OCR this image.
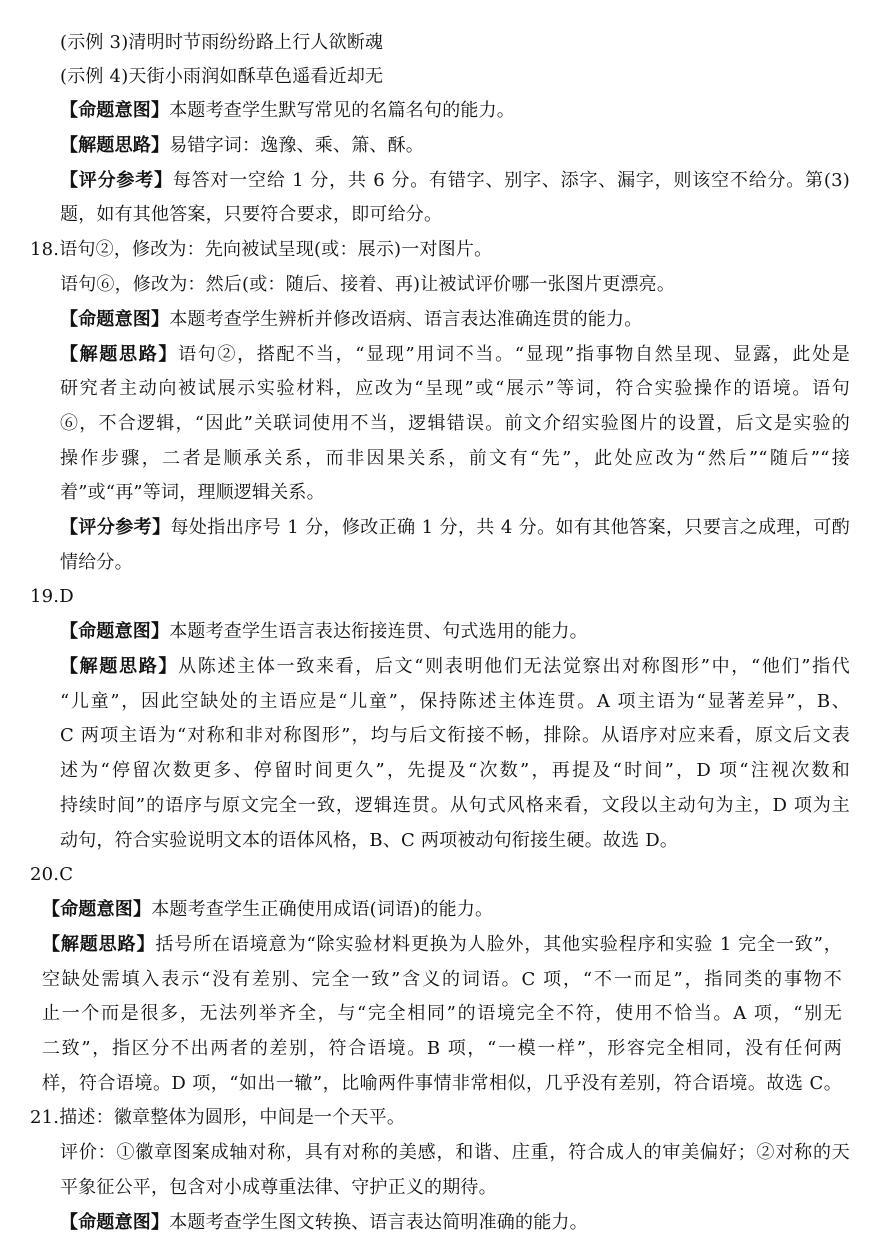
(示例 3)清明时节雨纷纷路上行人欲断魂
(示例 4)天街小雨润如酥草色遥看近却无
【命题意图】本题考查学生默写常见的名篇名句的能力。
【解题思路】易错字词：逸豫、乘、箫、酥。
【评分参考】每答对一空给 1 分，共 6 分。有错字、别字、添字、漏字，则该空不给分。第(3)
题，如有其他答案，只要符合要求，即可给分。
18.语句②，修改为：先向被试呈现(或：展示)一对图片。
语句⑥，修改为：然后(或：随后、接着、再)让被试评价哪一张图片更漂亮。
【命题意图】本题考查学生辨析并修改语病、语言表达准确连贯的能力。
【解题思路】语句②，搭配不当，“显现”用词不当。“显现”指事物自然呈现、显露，此处是
研究者主动向被试展示实验材料，应改为“呈现”或“展示”等词，符合实验操作的语境。语句
⑥，不合逻辑，“因此”关联词使用不当，逻辑错误。前文介绍实验图片的设置，后文是实验的
操作步骤，二者是顺承关系，而非因果关系，前文有“先”，此处应改为“然后”“随后”“接
着”或“再”等词，理顺逻辑关系。
【评分参考】每处指出序号 1 分，修改正确 1 分，共 4 分。如有其他答案，只要言之成理，可酌
情给分。
19.D
【命题意图】本题考查学生语言表达衔接连贯、句式选用的能力。
【解题思路】从陈述主体一致来看，后文“则表明他们无法觉察出对称图形”中，“他们”指代
“儿童”，因此空缺处的主语应是“儿童”，保持陈述主体连贯。A 项主语为“显著差异”，B、
C 两项主语为“对称和非对称图形”，均与后文衔接不畅，排除。从语序对应来看，原文后文表
述为“停留次数更多、停留时间更久”，先提及“次数”，再提及“时间”，D 项“注视次数和
持续时间”的语序与原文完全一致，逻辑连贯。从句式风格来看，文段以主动句为主，D 项为主
动句，符合实验说明文本的语体风格，B、C 两项被动句衔接生硬。故选 D。
20.C
【命题意图】本题考查学生正确使用成语(词语)的能力。
【解题思路】括号所在语境意为“除实验材料更换为人脸外，其他实验程序和实验 1 完全一致”，
空缺处需填入表示“没有差别、完全一致”含义的词语。C 项，“不一而足”，指同类的事物不
止一个而是很多，无法列举齐全，与“完全相同”的语境完全不符，使用不恰当。A 项，“别无
二致”，指区分不出两者的差别，符合语境。B 项，“一模一样”，形容完全相同，没有任何两
样，符合语境。D 项，“如出一辙”，比喻两件事情非常相似，几乎没有差别，符合语境。故选 C。
21.描述：徽章整体为圆形，中间是一个天平。
评价：①徽章图案成轴对称，具有对称的美感，和谐、庄重，符合成人的审美偏好；②对称的天
平象征公平，包含对小成尊重法律、守护正义的期待。
【命题意图】本题考查学生图文转换、语言表达简明准确的能力。
